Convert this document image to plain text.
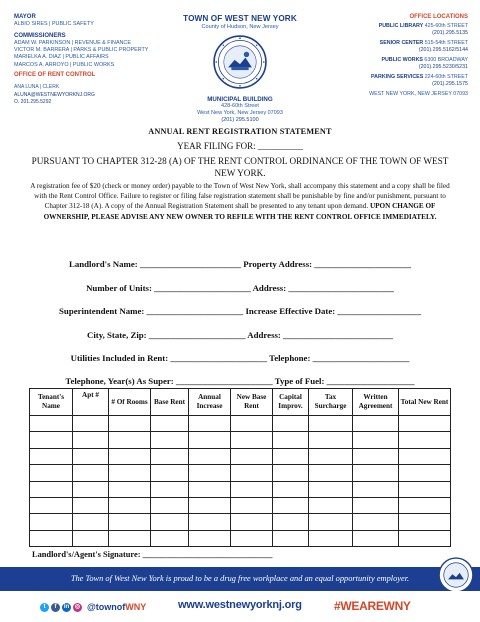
MAYOR
ALBIO SIRES | PUBLIC SAFETY
COMMISSIONERS
ADAM W. PARKINSON | REVENUE & FINANCE
VICTOR M. BARRERA | PARKS & PUBLIC PROPERTY
MARIELKA A. DIAZ | PUBLIC AFFAIRS
MARCOS A. ARROYO | PUBLIC WORKS
OFFICE OF RENT CONTROL
ANA LUNA | CLERK
ALUNA@WESTNEWYORKNJ.ORG
O. 201.295.5292
TOWN OF WEST NEW YORK
County of Hudson, New Jersey
MUNICIPAL BUILDING
428-60th Street
West New York, New Jersey 07093
(201) 295.5100
OFFICE LOCATIONS
PUBLIC LIBRARY 425-60th STREET
(201).295.5135
SENIOR CENTER 515-54th STREET
(201).295.5162/5144
PUBLIC WORKS 6300 BROADWAY
(201).295.5230/5231
PARKING SERVICES 224-60th STREET
(201).295.1575
WEST NEW YORK, NEW JERSEY 07093
ANNUAL RENT REGISTRATION STATEMENT
YEAR FILING FOR: __________
PURSUANT TO CHAPTER 312-28 (A) OF THE RENT CONTROL ORDINANCE OF THE TOWN OF WEST NEW YORK.
A registration fee of $20 (check or money order) payable to the Town of West New York, shall accompany this statement and a copy shall be filed with the Rent Control Office. Failure to register or filing false registration statement shall be punishable by fine and/or punishment, pursuant to Chapter 312-18 (A). A copy of the Annual Registration Statement shall be presented to any tenant upon demand. UPON CHANGE OF OWNERSHIP, PLEASE ADVISE ANY NEW OWNER TO REFILE WITH THE RENT CONTROL OFFICE IMMEDIATELY.
Landlord's Name: _______________________ Property Address: ______________________
Number of Units: ______________________ Address: ________________________
Superintendent Name: ______________________ Increase Effective Date: ___________________
City, State, Zip: ______________________ Address: _________________________
Utilities Included in Rent: ______________________ Telephone: ______________________
Telephone, Year(s) As Super: ______________________ Type of Fuel: ____________________
Tenant's Name	Apt #	# Of Rooms	Base Rent	Annual Increase	New Base Rent	Capital Improv.	Tax Surcharge	Written Agreement	Total New Rent

Landlord's/Agent's Signature: _______________________________
The Town of West New York is proud to be a drug free workplace and an equal opportunity employer.
t	f	in ◎ @townofWNY	www.westnewyorknj.org	#WEAREWNY
